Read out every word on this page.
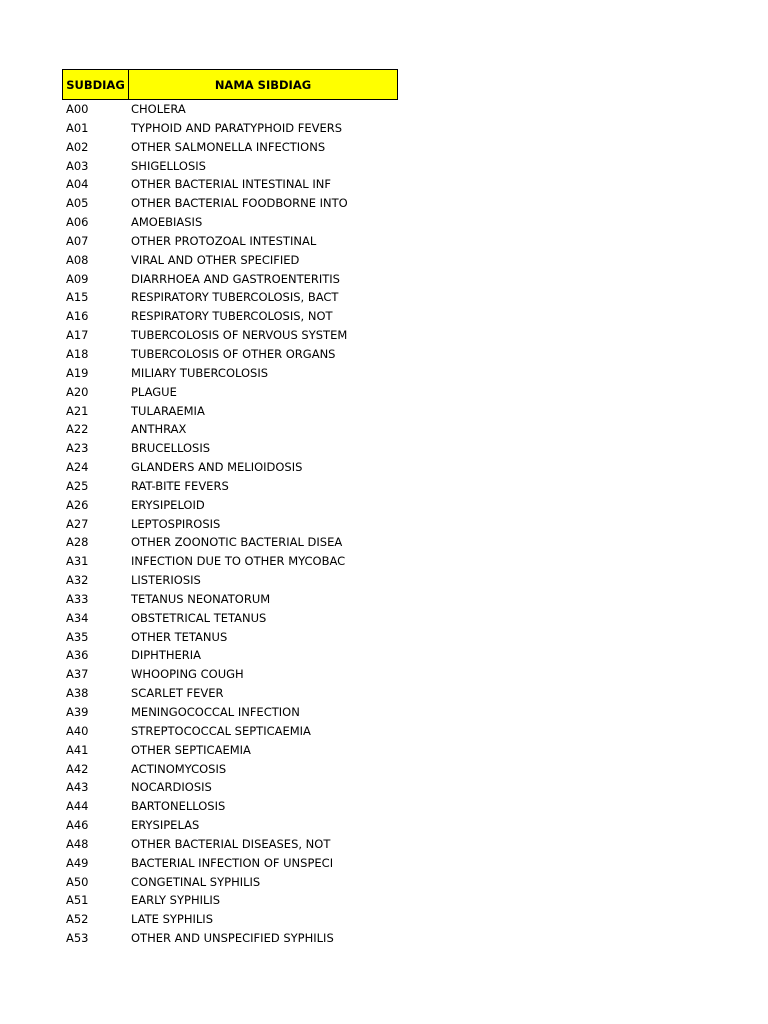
SUBDIAG	NAMA SIBDIAG
A00	CHOLERA
A01	TYPHOID AND PARATYPHOID FEVERS
A02	OTHER SALMONELLA INFECTIONS
A03	SHIGELLOSIS
A04	OTHER BACTERIAL INTESTINAL INF
A05	OTHER BACTERIAL FOODBORNE INTO
A06	AMOEBIASIS
A07	OTHER PROTOZOAL INTESTINAL
A08	VIRAL AND OTHER SPECIFIED
A09	DIARRHOEA AND GASTROENTERITIS
A15	RESPIRATORY TUBERCOLOSIS, BACT
A16	RESPIRATORY TUBERCOLOSIS, NOT
A17	TUBERCOLOSIS OF NERVOUS SYSTEM
A18	TUBERCOLOSIS OF OTHER ORGANS
A19	MILIARY TUBERCOLOSIS
A20	PLAGUE
A21	TULARAEMIA
A22	ANTHRAX
A23	BRUCELLOSIS
A24	GLANDERS AND MELIOIDOSIS
A25	RAT-BITE FEVERS
A26	ERYSIPELOID
A27	LEPTOSPIROSIS
A28	OTHER ZOONOTIC BACTERIAL DISEA
A31	INFECTION DUE TO OTHER MYCOBAC
A32	LISTERIOSIS
A33	TETANUS NEONATORUM
A34	OBSTETRICAL TETANUS
A35	OTHER TETANUS
A36	DIPHTHERIA
A37	WHOOPING COUGH
A38	SCARLET FEVER
A39	MENINGOCOCCAL INFECTION
A40	STREPTOCOCCAL SEPTICAEMIA
A41	OTHER SEPTICAEMIA
A42	ACTINOMYCOSIS
A43	NOCARDIOSIS
A44	BARTONELLOSIS
A46	ERYSIPELAS
A48	OTHER BACTERIAL DISEASES, NOT
A49	BACTERIAL INFECTION OF UNSPECI
A50	CONGETINAL SYPHILIS
A51	EARLY SYPHILIS
A52	LATE SYPHILIS
A53	OTHER AND UNSPECIFIED SYPHILIS
